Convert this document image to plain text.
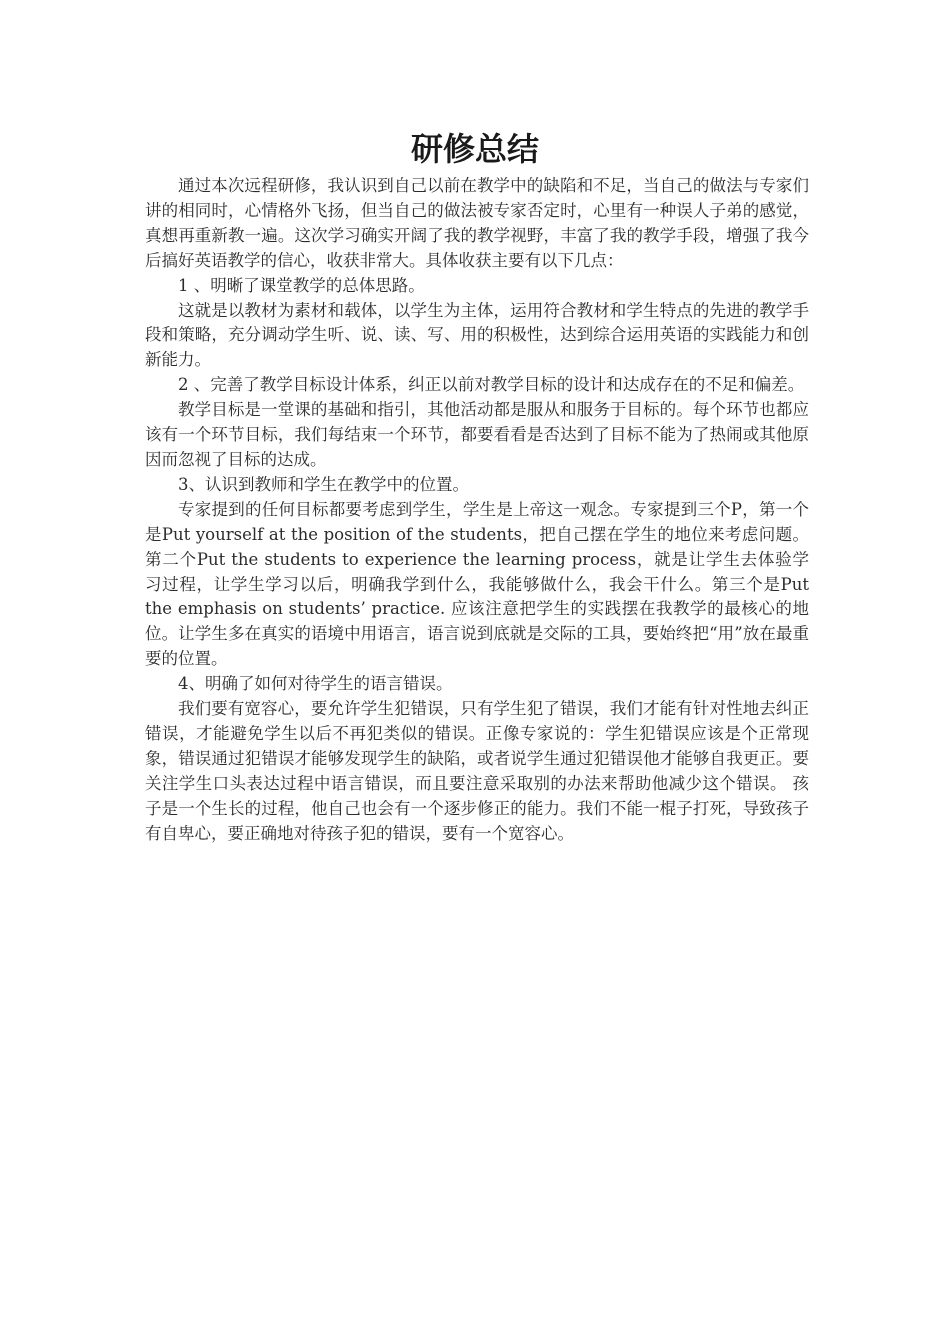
研修总结

通过本次远程研修，我认识到自己以前在教学中的缺陷和不足，当自己的做法与专家们讲的相同时，心情格外飞扬，但当自己的做法被专家否定时，心里有一种误人子弟的感觉，真想再重新教一遍。这次学习确实开阔了我的教学视野，丰富了我的教学手段，增强了我今后搞好英语教学的信心，收获非常大。具体收获主要有以下几点：

1 、明晰了课堂教学的总体思路。

这就是以教材为素材和载体，以学生为主体，运用符合教材和学生特点的先进的教学手段和策略，充分调动学生听、说、读、写、用的积极性，达到综合运用英语的实践能力和创新能力。

2 、完善了教学目标设计体系，纠正以前对教学目标的设计和达成存在的不足和偏差。

教学目标是一堂课的基础和指引，其他活动都是服从和服务于目标的。每个环节也都应该有一个环节目标，我们每结束一个环节，都要看看是否达到了目标不能为了热闹或其他原因而忽视了目标的达成。

3、认识到教师和学生在教学中的位置。

专家提到的任何目标都要考虑到学生，学生是上帝这一观念。专家提到三个P，第一个是Put yourself at the position of the students，把自己摆在学生的地位来考虑问题。第二个Put the students to experience the learning process，就是让学生去体验学习过程，让学生学习以后，明确我学到什么，我能够做什么，我会干什么。第三个是Put the emphasis on students’ practice. 应该注意把学生的实践摆在我教学的最核心的地位。让学生多在真实的语境中用语言，语言说到底就是交际的工具，要始终把“用”放在最重要的位置。

4、明确了如何对待学生的语言错误。

我们要有宽容心，要允许学生犯错误，只有学生犯了错误，我们才能有针对性地去纠正错误，才能避免学生以后不再犯类似的错误。正像专家说的：学生犯错误应该是个正常现象，错误通过犯错误才能够发现学生的缺陷，或者说学生通过犯错误他才能够自我更正。要关注学生口头表达过程中语言错误，而且要注意采取别的办法来帮助他减少这个错误。 孩子是一个生长的过程，他自己也会有一个逐步修正的能力。我们不能一棍子打死，导致孩子有自卑心，要正确地对待孩子犯的错误，要有一个宽容心。
